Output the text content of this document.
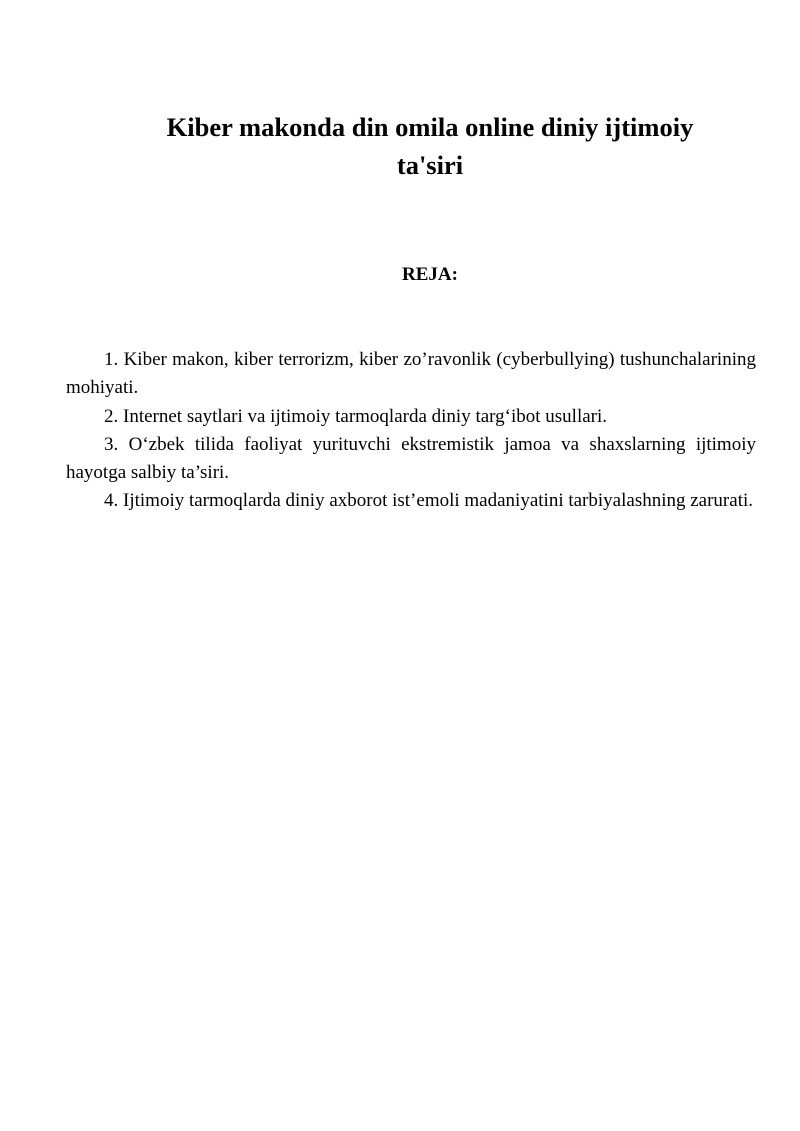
Kiber makonda din omila online diniy ijtimoiy
ta'siri
REJA:
1. Kiber makon, kiber terrorizm, kiber zo’ravonlik (cyberbullying) tushunchalarining mohiyati.
2. Internet saytlari va ijtimoiy tarmoqlarda diniy targ‘ibot usullari.
3. O‘zbek tilida faoliyat yurituvchi ekstremistik jamoa va shaxslarning ijtimoiy hayotga salbiy ta’siri.
4. Ijtimoiy tarmoqlarda diniy axborot ist’emoli madaniyatini tarbiyalashning zarurati.
